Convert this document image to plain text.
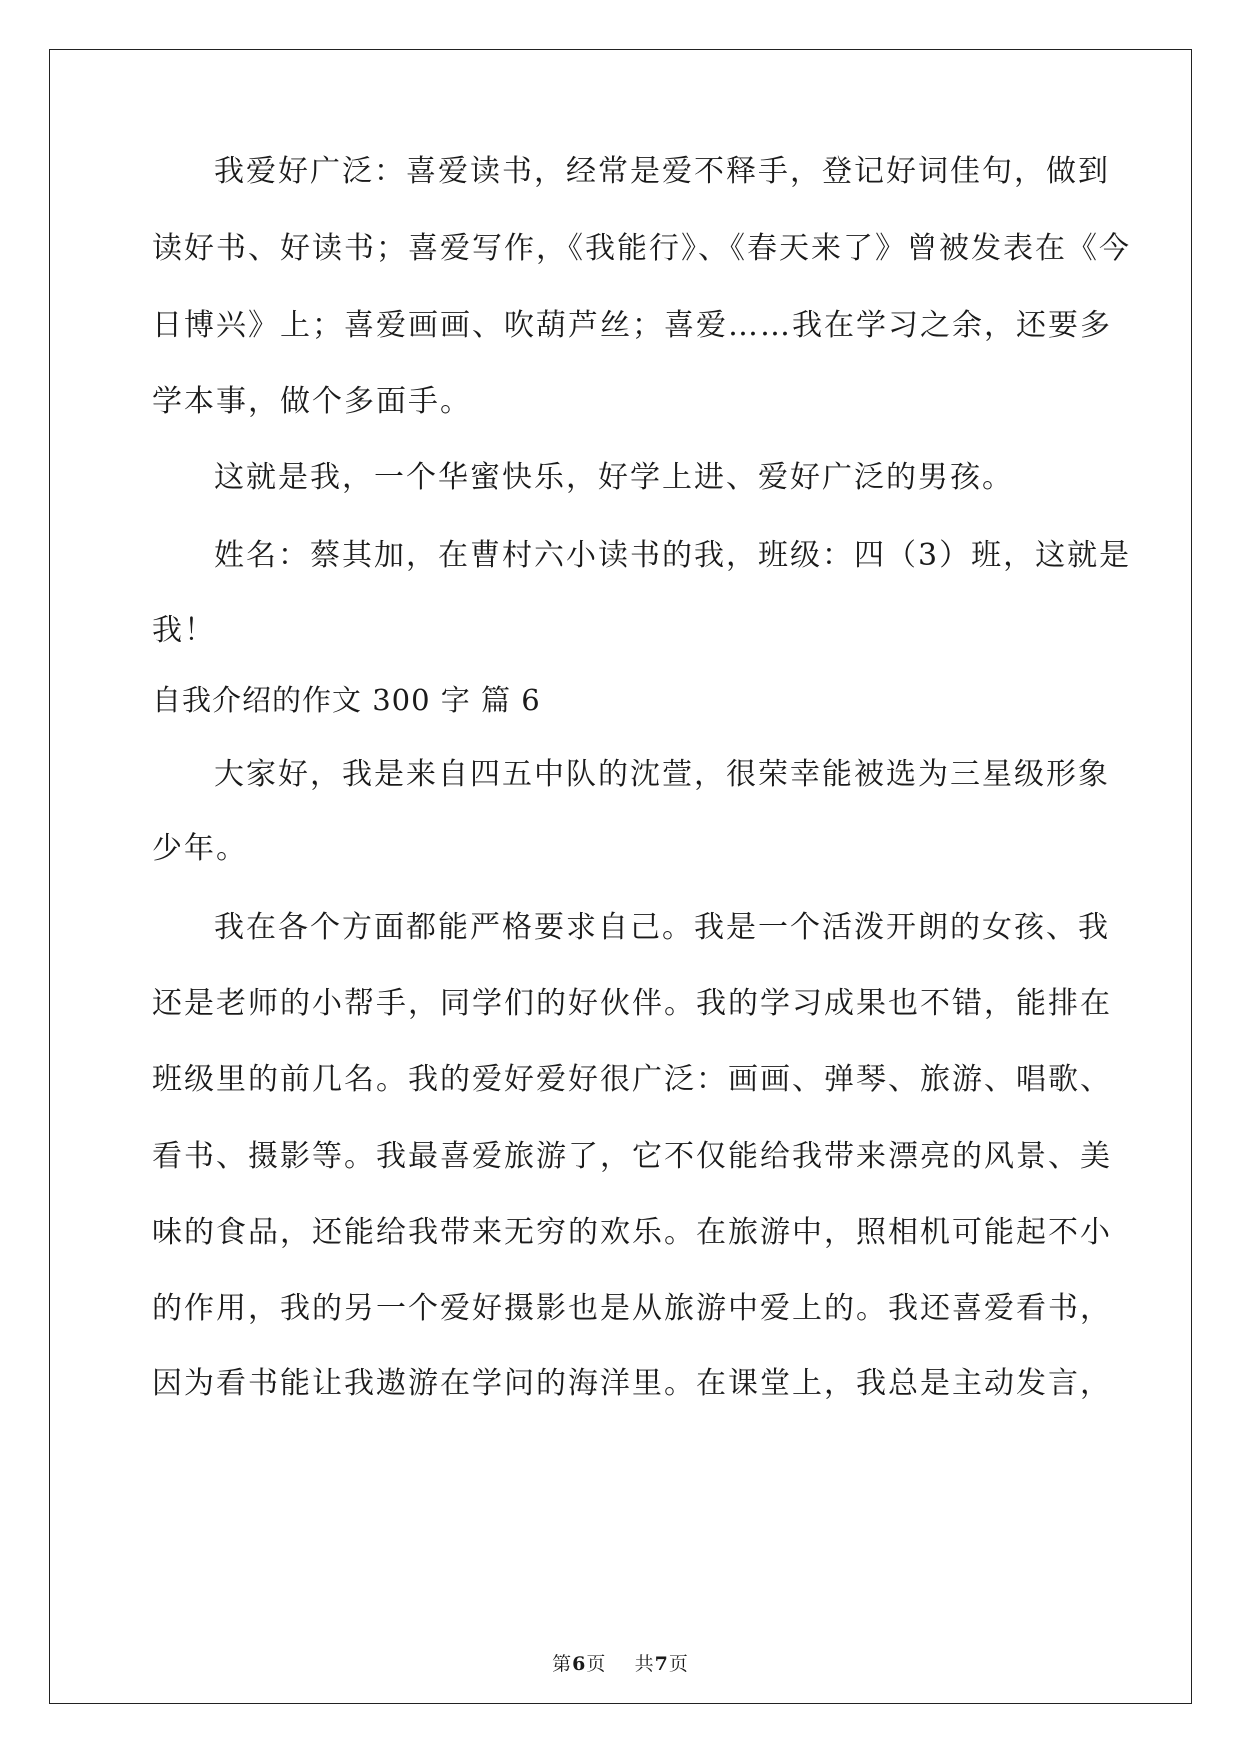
我爱好广泛：喜爱读书，经常是爱不释手，登记好词佳句，做到
读好书、好读书；喜爱写作，《我能行》、《春天来了》曾被发表在《今
日博兴》上；喜爱画画、吹葫芦丝；喜爱……我在学习之余，还要多
学本事，做个多面手。
这就是我，一个华蜜快乐，好学上进、爱好广泛的男孩。
姓名：蔡其加，在曹村六小读书的我，班级：四（3）班，这就是
我！
自我介绍的作文 300 字 篇 6
大家好，我是来自四五中队的沈萱，很荣幸能被选为三星级形象
少年。
我在各个方面都能严格要求自己。我是一个活泼开朗的女孩、我
还是老师的小帮手，同学们的好伙伴。我的学习成果也不错，能排在
班级里的前几名。我的爱好爱好很广泛：画画、弹琴、旅游、唱歌、
看书、摄影等。我最喜爱旅游了，它不仅能给我带来漂亮的风景、美
味的食品，还能给我带来无穷的欢乐。在旅游中，照相机可能起不小
的作用，我的另一个爱好摄影也是从旅游中爱上的。我还喜爱看书，
因为看书能让我遨游在学问的海洋里。在课堂上，我总是主动发言，
第6页    共7页
